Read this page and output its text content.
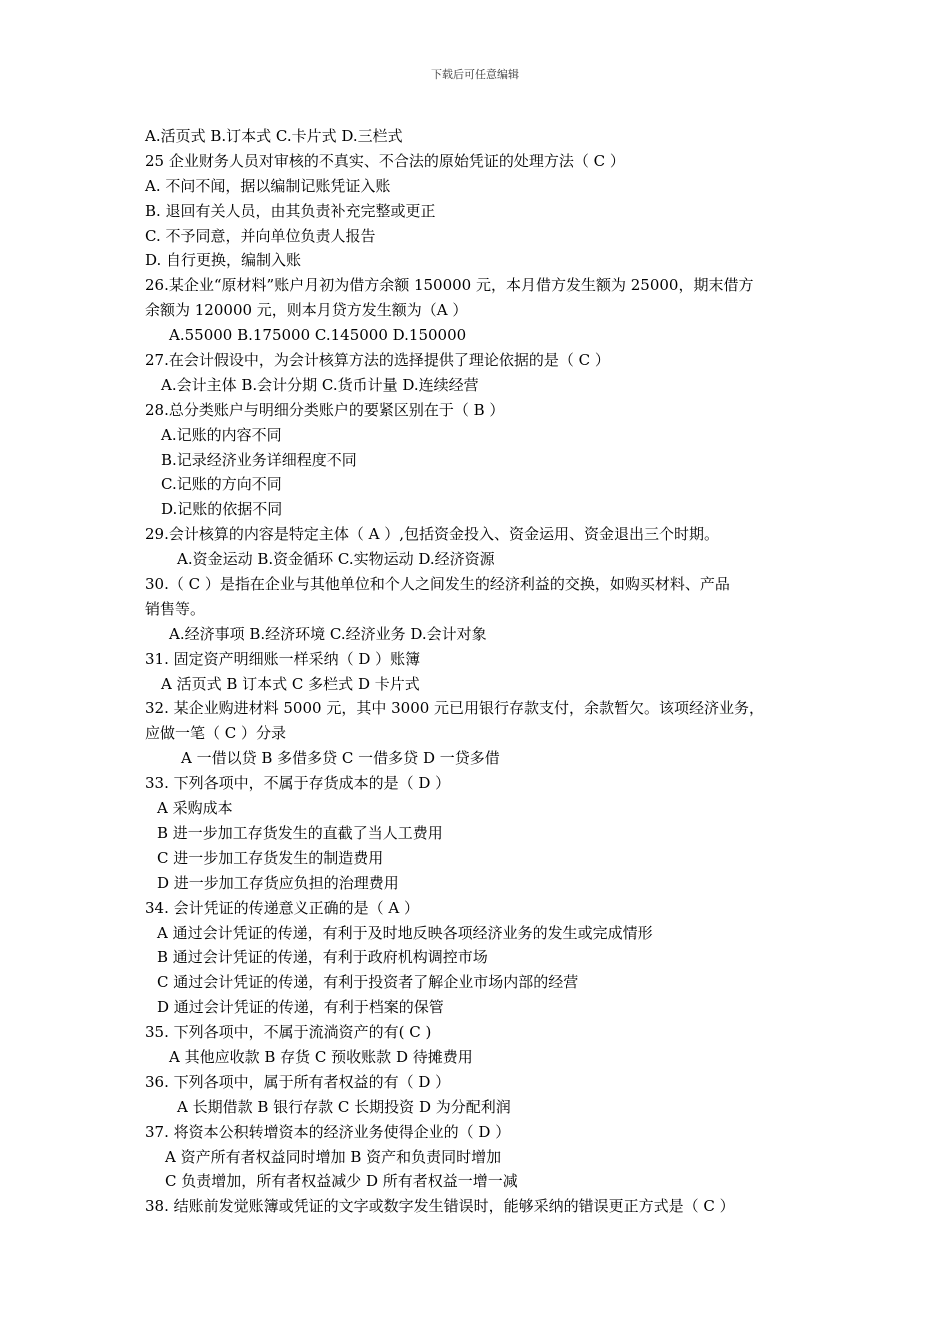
下载后可任意编辑
A.活页式 B.订本式 C.卡片式 D.三栏式
25 企业财务人员对审核的不真实、不合法的原始凭证的处理方法（ C ）
A. 不问不闻，据以编制记账凭证入账
B. 退回有关人员，由其负责补充完整或更正
C. 不予同意，并向单位负责人报告
D. 自行更换，编制入账
26.某企业“原材料”账户月初为借方余额 150000 元，本月借方发生额为 25000，期末借方
余额为 120000 元，则本月贷方发生额为（A ）
A.55000 B.175000 C.145000 D.150000
27.在会计假设中，为会计核算方法的选择提供了理论依据的是（ C ）
A.会计主体 B.会计分期 C.货币计量 D.连续经营
28.总分类账户与明细分类账户的要紧区别在于（ B ）
A.记账的内容不同
B.记录经济业务详细程度不同
C.记账的方向不同
D.记账的依据不同
29.会计核算的内容是特定主体（ A ）,包括资金投入、资金运用、资金退出三个时期。
A.资金运动 B.资金循环 C.实物运动 D.经济资源
30.（ C ）是指在企业与其他单位和个人之间发生的经济利益的交换，如购买材料、产品
销售等。
A.经济事项 B.经济环境 C.经济业务 D.会计对象
31. 固定资产明细账一样采纳（ D ）账簿
A 活页式 B 订本式 C 多栏式 D 卡片式
32. 某企业购进材料 5000 元，其中 3000 元已用银行存款支付，余款暂欠。该项经济业务，
应做一笔（ C ）分录
A 一借以贷 B 多借多贷 C 一借多贷 D 一贷多借
33. 下列各项中，不属于存货成本的是（ D ）
A 采购成本
B 进一步加工存货发生的直截了当人工费用
C 进一步加工存货发生的制造费用
D 进一步加工存货应负担的治理费用
34. 会计凭证的传递意义正确的是（ A ）
A 通过会计凭证的传递，有利于及时地反映各项经济业务的发生或完成情形
B 通过会计凭证的传递，有利于政府机构调控市场
C 通过会计凭证的传递，有利于投资者了解企业市场内部的经营
D 通过会计凭证的传递，有利于档案的保管
35. 下列各项中，不属于流淌资产的有( C )
A 其他应收款 B 存货 C 预收账款 D 待摊费用
36. 下列各项中，属于所有者权益的有（ D ）
A 长期借款 B 银行存款 C 长期投资 D 为分配利润
37. 将资本公积转增资本的经济业务使得企业的（ D ）
A 资产所有者权益同时增加 B 资产和负责同时增加
C 负责增加，所有者权益减少 D 所有者权益一增一减
38. 结账前发觉账簿或凭证的文字或数字发生错误时，能够采纳的错误更正方式是（ C ）
